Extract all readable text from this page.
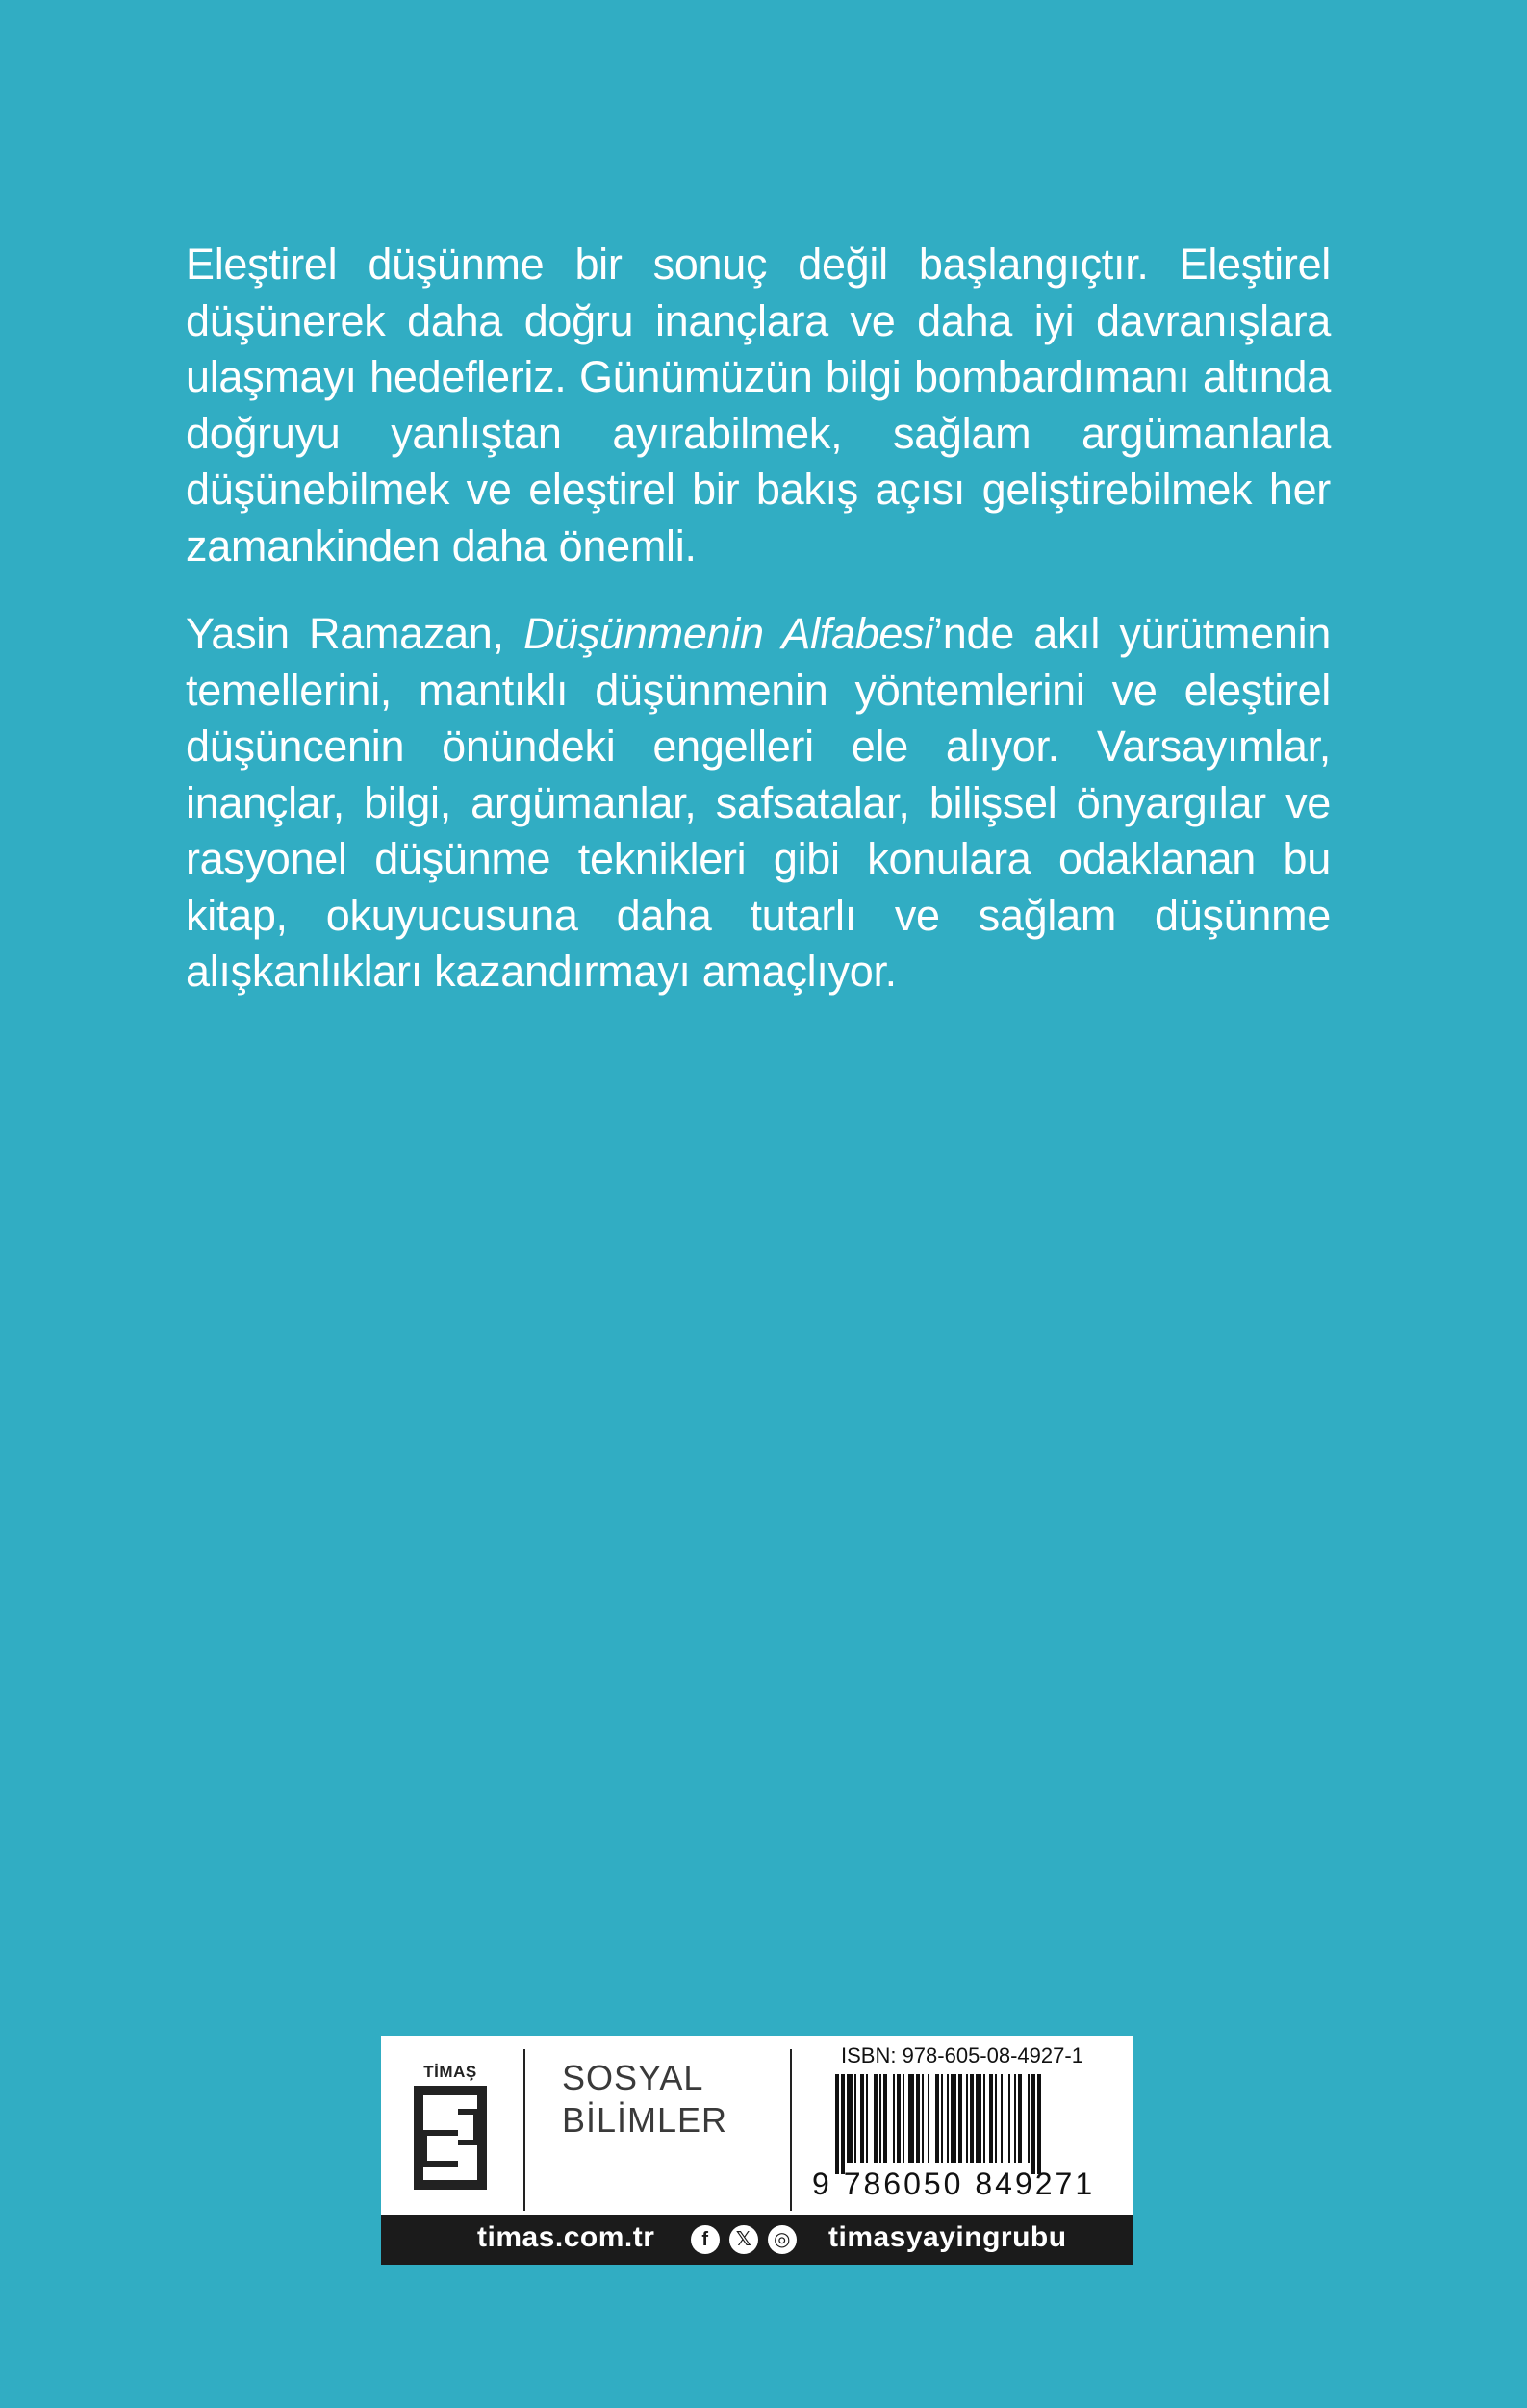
Eleştirel düşünme bir sonuç değil başlangıçtır. Eleştirel düşünerek daha doğru inançlara ve daha iyi davranışlara ulaşmayı hedefleriz. Günümüzün bilgi bombardımanı altında doğruyu yanlıştan ayırabilmek, sağlam argümanlarla düşünebilmek ve eleştirel bir bakış açısı geliştirebilmek her zamankinden daha önemli.

Yasin Ramazan, Düşünmenin Alfabesi’nde akıl yürütmenin temellerini, mantıklı düşünmenin yöntemlerini ve eleştirel düşüncenin önündeki engelleri ele alıyor. Varsayımlar, inançlar, bilgi, argümanlar, safsatalar, bilişsel önyargılar ve rasyonel düşünme teknikleri gibi konulara odaklanan bu kitap, okuyucusuna daha tutarlı ve sağlam düşünme alışkanlıkları kazandırmayı amaçlıyor.

TİMAŞ SOSYAL
BİLİMLER
ISBN: 978-605-08-4927-1
9 786050 849271
timas.com.tr	f	𝕏	◎ timasyayingrubu
